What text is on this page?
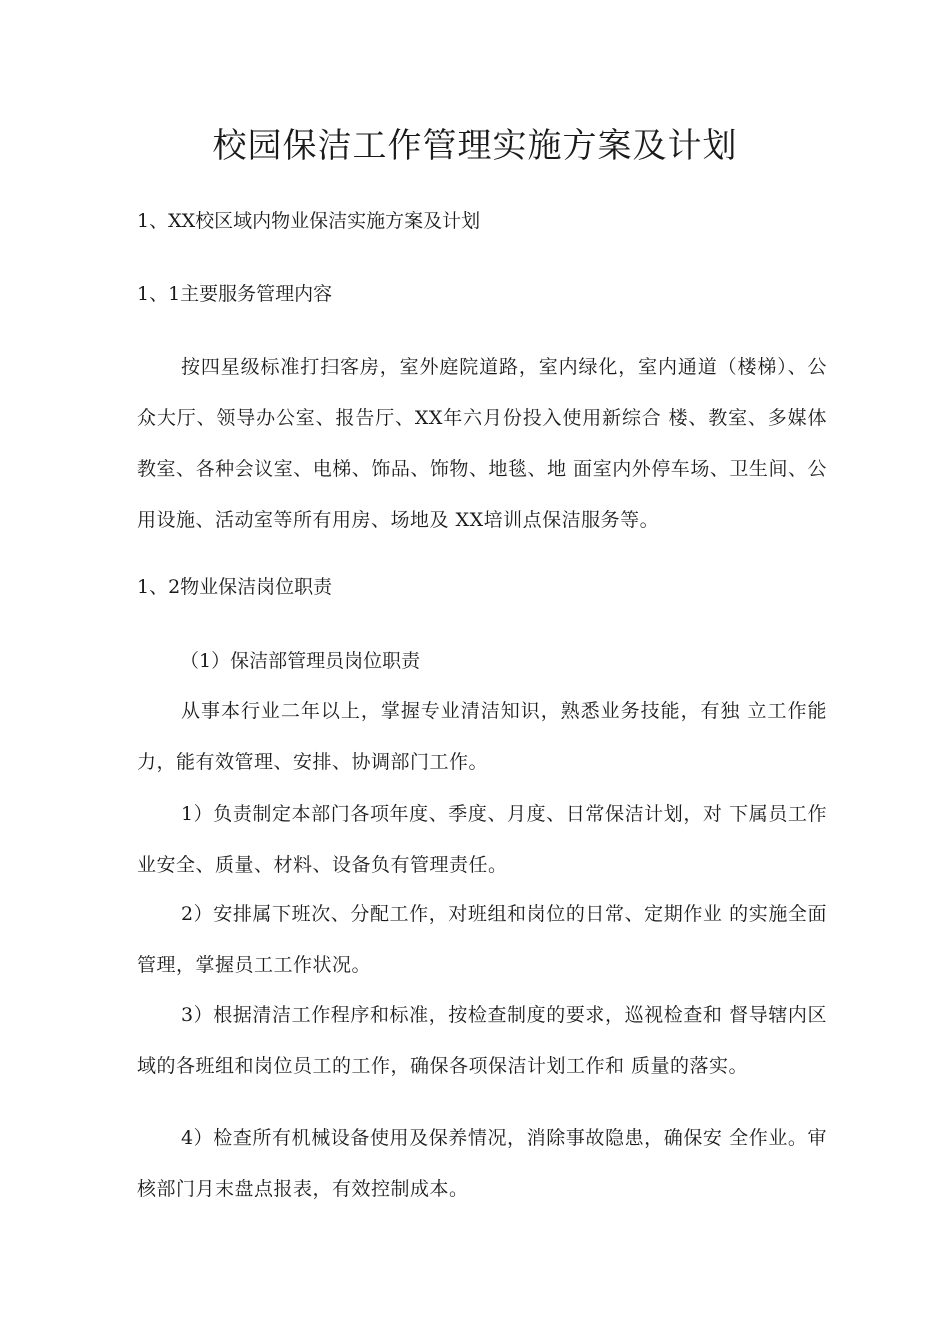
校园保洁工作管理实施方案及计划

1、XX校区域内物业保洁实施方案及计划

1、1主要服务管理内容

按四星级标准打扫客房，室外庭院道路，室内绿化，室内通道（楼梯）、公众大厅、领导办公室、报告厅、XX年六月份投入使用新综合 楼、教室、多媒体教室、各种会议室、电梯、饰品、饰物、地毯、地 面室内外停车场、卫生间、公用设施、活动室等所有用房、场地及 XX培训点保洁服务等。

1、2物业保洁岗位职责

（1）保洁部管理员岗位职责

从事本行业二年以上，掌握专业清洁知识，熟悉业务技能，有独 立工作能力，能有效管理、安排、协调部门工作。

1）负责制定本部门各项年度、季度、月度、日常保洁计划，对 下属员工作业安全、质量、材料、设备负有管理责任。

2）安排属下班次、分配工作，对班组和岗位的日常、定期作业 的实施全面管理，掌握员工工作状况。

3）根据清洁工作程序和标准，按检查制度的要求，巡视检查和 督导辖内区域的各班组和岗位员工的工作，确保各项保洁计划工作和 质量的落实。

4）检查所有机械设备使用及保养情况，消除事故隐患，确保安 全作业。审核部门月末盘点报表，有效控制成本。
